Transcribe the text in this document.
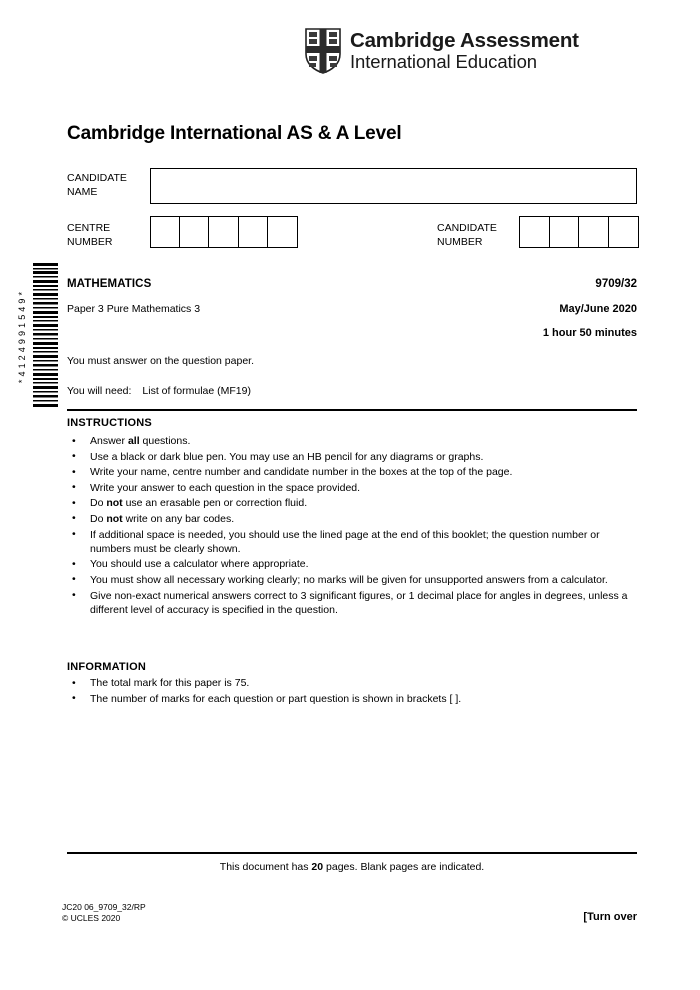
Cambridge Assessment
International Education
Cambridge International AS & A Level
CANDIDATE
NAME
CENTRE
NUMBER
CANDIDATE
NUMBER
*4124991549*
MATHEMATICS	9709/32
Paper 3 Pure Mathematics 3	May/June 2020
1 hour 50 minutes
You must answer on the question paper.
You will need: List of formulae (MF19)
INSTRUCTIONS
• Answer all questions.
• Use a black or dark blue pen. You may use an HB pencil for any diagrams or graphs.
• Write your name, centre number and candidate number in the boxes at the top of the page.
• Write your answer to each question in the space provided.
• Do not use an erasable pen or correction fluid.
• Do not write on any bar codes.
• If additional space is needed, you should use the lined page at the end of this booklet; the question number or numbers must be clearly shown.
• You should use a calculator where appropriate.
• You must show all necessary working clearly; no marks will be given for unsupported answers from a calculator.
• Give non-exact numerical answers correct to 3 significant figures, or 1 decimal place for angles in degrees, unless a different level of accuracy is specified in the question.
INFORMATION
• The total mark for this paper is 75.
• The number of marks for each question or part question is shown in brackets [ ].
This document has 20 pages. Blank pages are indicated.
JC20 06_9709_32/RP
© UCLES 2020	[Turn over
